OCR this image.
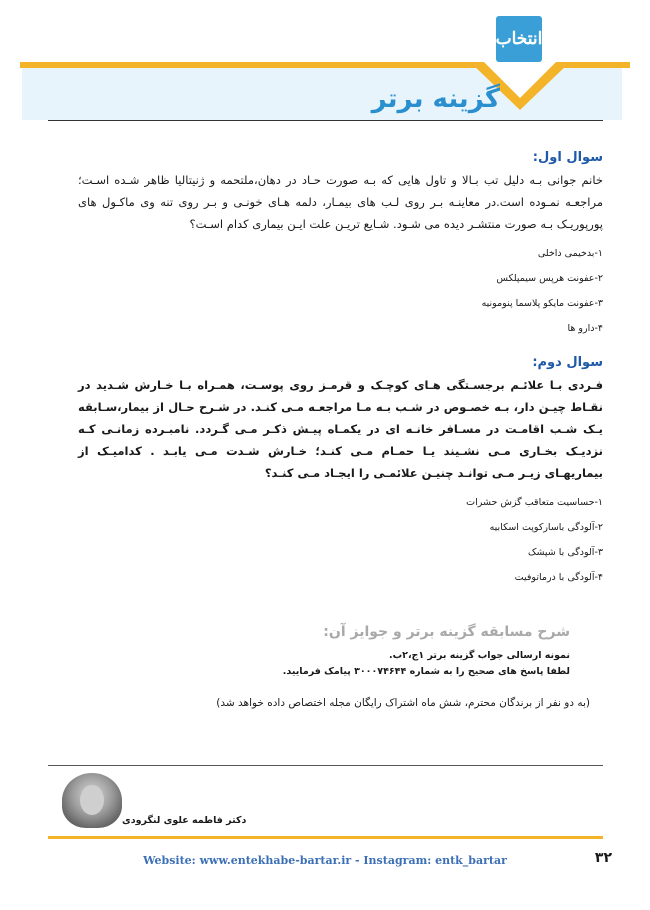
انتخاب
گزینه برتر
سوال اول:
خانم جوانی بـه دلیل تب بـالا و تاول هایی که بـه صورت حـاد در دهان،ملتحمه و ژنیتالیا ظاهر شـده اسـت؛ مراجعـه نمـوده است.در معاینـه بـر روی لـب های بیمـار، دلمه هـای خونـی و بـر روی تنه وی ماکـول های پورپوریـک بـه صورت منتشـر دیده می شـود. شـایع تریـن علت ایـن بیماری کدام اسـت؟
۱-بدخیمی داخلی
۲-عفونت هرپس سیمپلکس
۳-عفونت مایکو پلاسما پنومونیه
۴-دارو ها
سوال دوم:
فـردی بـا علائـم برجسـتگی هـای کوچـک و قرمـز روی پوسـت، همـراه بـا خـارش شـدید در نقـاط چیـن دار، بـه خصـوص در شـب بـه مـا مراجعـه مـی کنـد. در شـرح حـال از بیمار،سـابقه یـک شـب اقامـت در مسـافر خانـه ای در یکمـاه پیـش ذکـر مـی گـردد. نامبـرده زمانـی کـه نزدیـک بخـاری مـی نشـیند یـا حمـام مـی کنـد؛ خـارش شـدت مـی یابـد . کدامیـک از بیماریهـای زیـر مـی توانـد چنیـن علائمـی را ایجـاد مـی کنـد؟
۱-حساسیت متعاقب گزش حشرات
۲-آلودگی باسارکوپت اسکابیه
۳-آلودگی با شپشک
۴-آلودگی با درماتوفیت
شرح مسابقه گزینه برتر و جوایز آن:
نمونه ارسالی جواب گزینه برتر ۱ج،۲ب.
لطفا پاسخ های صحیح را به شماره ۳۰۰۰۷۴۶۴۴ پیامک فرمایید.
(به دو نفر از برندگان محترم، شش ماه اشتراک رایگان مجله اختصاص داده خواهد شد)
دکتر فاطمه علوی لنگرودی
Website: www.entekhabe-bartar.ir - Instagram: entk_bartar	۳۲
